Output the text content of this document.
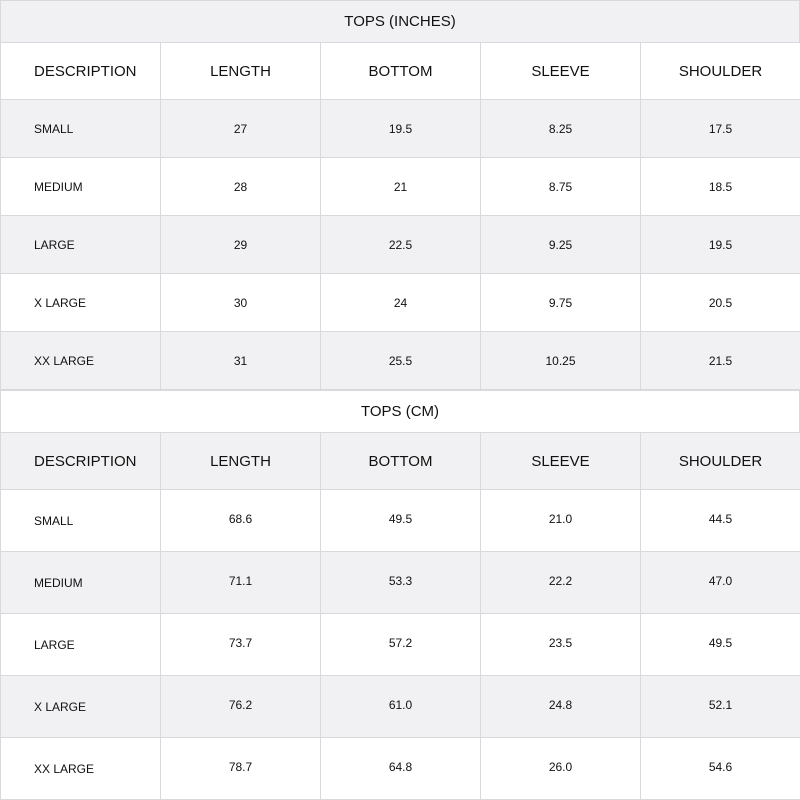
TOPS (INCHES)
DESCRIPTION	LENGTH	BOTTOM	SLEEVE	SHOULDER
SMALL	27	19.5	8.25	17.5
MEDIUM	28	21	8.75	18.5
LARGE	29	22.5	9.25	19.5
X LARGE	30	24	9.75	20.5
XX LARGE	31	25.5	10.25	21.5
TOPS (CM)
DESCRIPTION	LENGTH	BOTTOM	SLEEVE	SHOULDER
SMALL	68.6	49.5	21.0	44.5
MEDIUM	71.1	53.3	22.2	47.0
LARGE	73.7	57.2	23.5	49.5
X LARGE	76.2	61.0	24.8	52.1
XX LARGE	78.7	64.8	26.0	54.6
